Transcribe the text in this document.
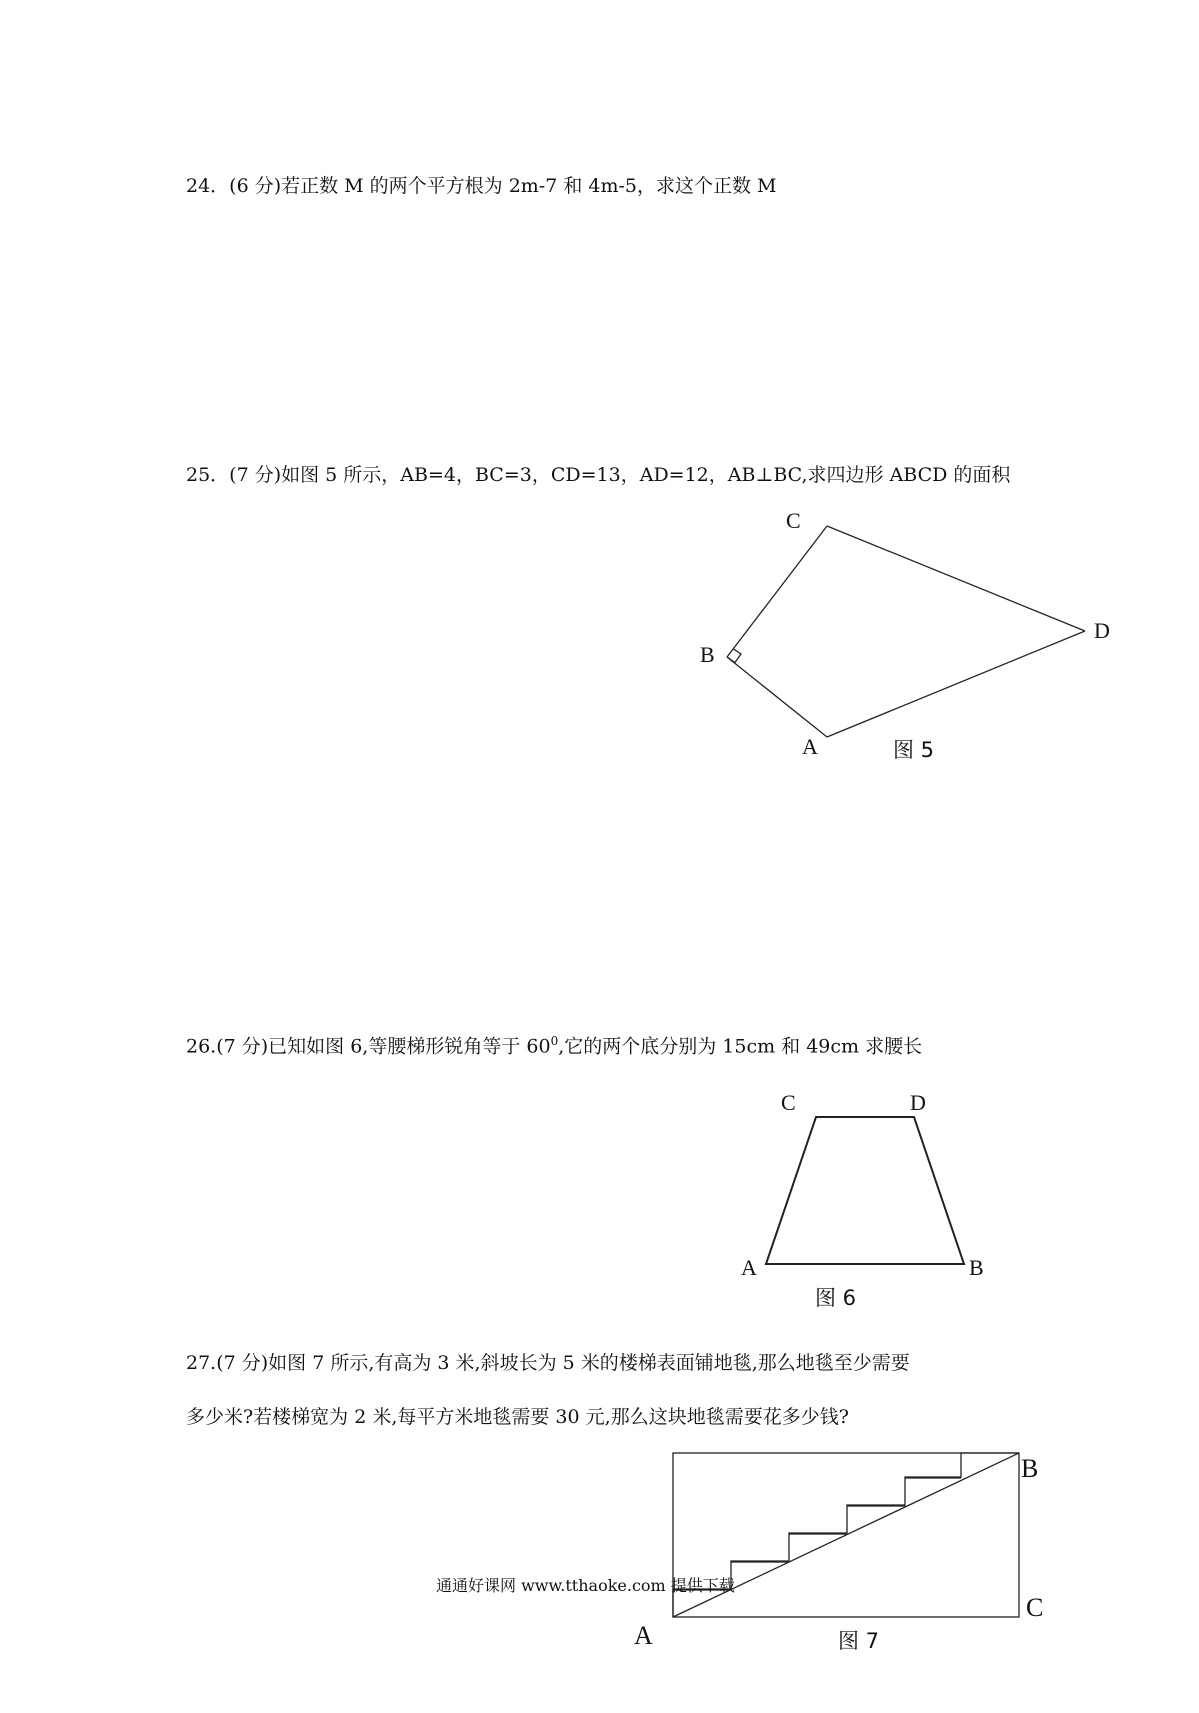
24．(6 分)若正数 M 的两个平方根为 2m-7 和 4m-5，求这个正数 M
25．(7 分)如图 5 所示，AB=4，BC=3，CD=13，AD=12，AB⊥BC,求四边形 ABCD 的面积
26.(7 分)已知如图 6,等腰梯形锐角等于 $60^0$,它的两个底分别为 15cm 和 49cm 求腰长
27.(7 分)如图 7 所示,有高为 3 米,斜坡长为 5 米的楼梯表面铺地毯,那么地毯至少需要
多少米?若楼梯宽为 2 米,每平方米地毯需要 30 元,那么这块地毯需要花多少钱?
C
D
B
A	图 5
C	D
A	B
图 6
B
C
A	图 7
通通好课网 www.tthaoke.com 提供下载
